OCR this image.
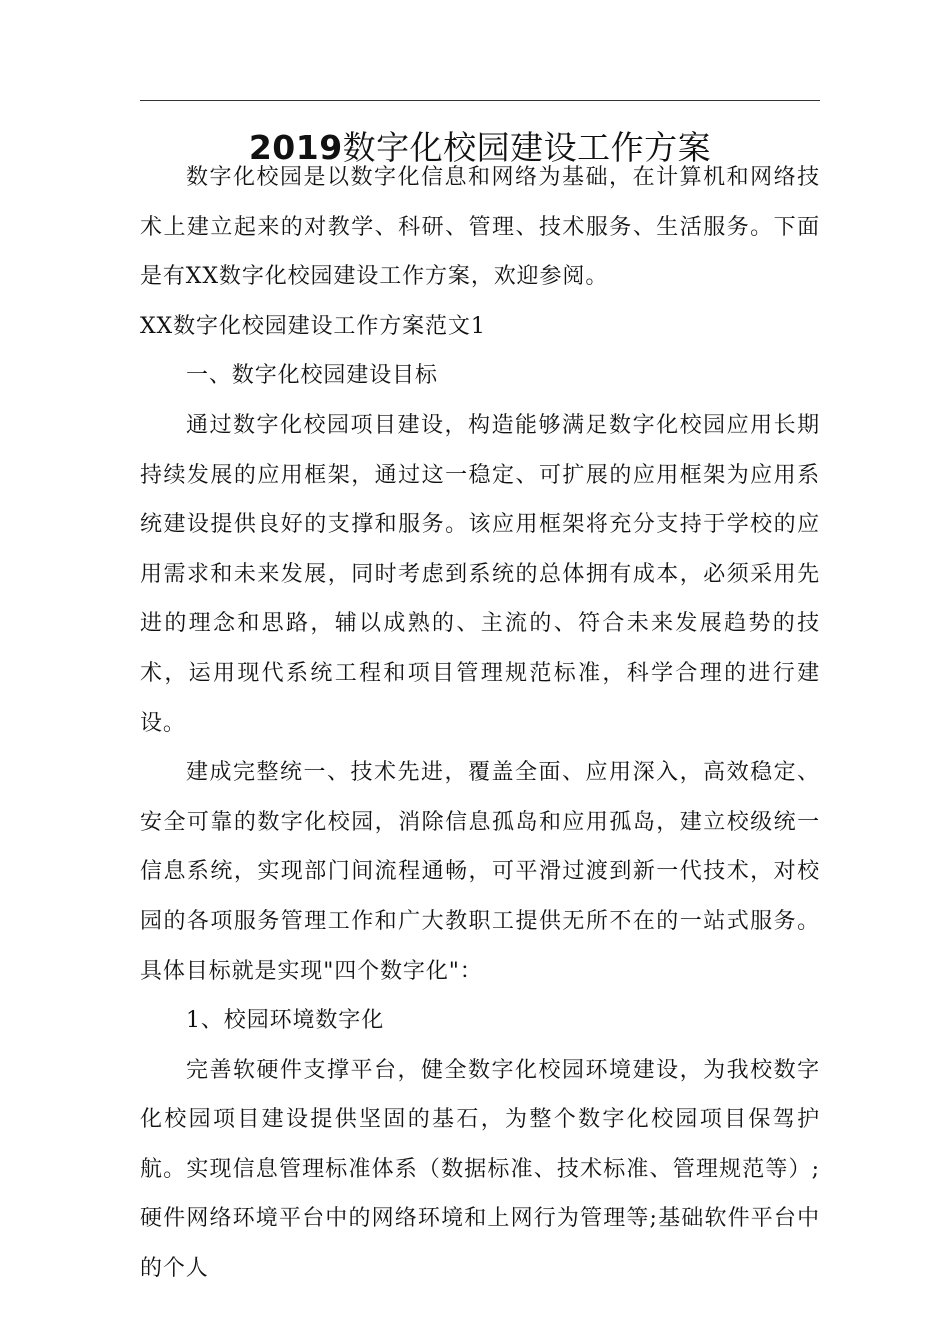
2019数字化校园建设工作方案

数字化校园是以数字化信息和网络为基础，在计算机和网络技术上建立起来的对教学、科研、管理、技术服务、生活服务。下面是有XX数字化校园建设工作方案，欢迎参阅。

XX数字化校园建设工作方案范文1

一、数字化校园建设目标

通过数字化校园项目建设，构造能够满足数字化校园应用长期持续发展的应用框架，通过这一稳定、可扩展的应用框架为应用系统建设提供良好的支撑和服务。该应用框架将充分支持于学校的应用需求和未来发展，同时考虑到系统的总体拥有成本，必须采用先进的理念和思路，辅以成熟的、主流的、符合未来发展趋势的技术，运用现代系统工程和项目管理规范标准，科学合理的进行建设。

建成完整统一、技术先进，覆盖全面、应用深入，高效稳定、安全可靠的数字化校园，消除信息孤岛和应用孤岛，建立校级统一信息系统，实现部门间流程通畅，可平滑过渡到新一代技术，对校园的各项服务管理工作和广大教职工提供无所不在的一站式服务。具体目标就是实现"四个数字化"：

1、校园环境数字化

完善软硬件支撑平台，健全数字化校园环境建设，为我校数字化校园项目建设提供坚固的基石，为整个数字化校园项目保驾护航。实现信息管理标准体系（数据标准、技术标准、管理规范等）;硬件网络环境平台中的网络环境和上网行为管理等;基础软件平台中的个人
